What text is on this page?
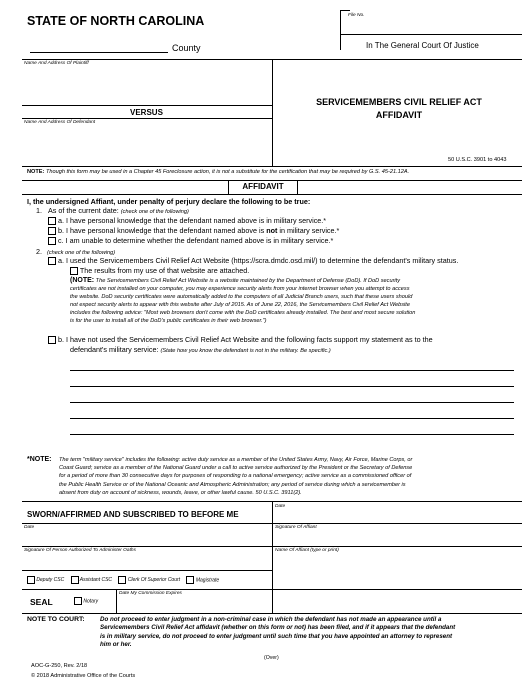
STATE OF NORTH CAROLINA
County
File No.
In The General Court Of Justice
Name And Address Of Plaintiff
VERSUS
Name And Address Of Defendant
SERVICEMEMBERS CIVIL RELIEF ACT
AFFIDAVIT
50 U.S.C. 3901 to 4043
NOTE: Though this form may be used in a Chapter 45 Foreclosure action, it is not a substitute for the certification that may be required by G.S. 45-21.12A.
AFFIDAVIT
I, the undersigned Affiant, under penalty of perjury declare the following to be true:
1. As of the current date: (check one of the following)
a. I have personal knowledge that the defendant named above is in military service.*
b. I have personal knowledge that the defendant named above is not in military service.*
c. I am unable to determine whether the defendant named above is in military service.*
2. (check one of the following)
a. I used the Servicemembers Civil Relief Act Website (https://scra.dmdc.osd.mil/) to determine the defendant's military status.
The results from my use of that website are attached.
(NOTE: The Servicemembers Civil Relief Act Website is a website maintained by the Department of Defense (DoD). If DoD security
certificates are not installed on your computer, you may experience security alerts from your internet browser when you attempt to access
the website. DoD security certificates were automatically added to the computers of all Judicial Branch users, such that these users should
not expect security alerts to appear with this website after July of 2015. As of June 22, 2016, the Servicemembers Civil Relief Act Website
includes the following advice: "Most web browsers don't come with the DoD certificates already installed. The best and most secure solution
is for the user to install all of the DoD's public certificates in their web browser.")
b. I have not used the Servicemembers Civil Relief Act Website and the following facts support my statement as to the
defendant's military service: (State how you know the defendant is not in the military. Be specific.)
*NOTE: The term "military service" includes the following: active duty service as a member of the United States Army, Navy, Air Force, Marine Corps, or
Coast Guard; service as a member of the National Guard under a call to active service authorized by the President or the Secretary of Defense
for a period of more than 30 consecutive days for purposes of responding to a national emergency; active service as a commissioned officer of
the Public Health Service or of the National Oceanic and Atmospheric Administration; any period of service during which a servicemember is
absent from duty on account of sickness, wounds, leave, or other lawful cause. 50 U.S.C. 3911(2).
SWORN/AFFIRMED AND SUBSCRIBED TO BEFORE ME
Date
Date	Signature Of Affiant
Signature Of Person Authorized To Administer Oaths	Name Of Affiant (type or print)
Deputy CSC	Assistant CSC	Clerk Of Superior Court	Magistrate
SEAL	Notary
Date My Commission Expires
NOTE TO COURT: Do not proceed to enter judgment in a non-criminal case in which the defendant has not made an appearance until a
Servicemembers Civil Relief Act affidavit (whether on this form or not) has been filed, and if it appears that the defendant
is in military service, do not proceed to enter judgment until such time that you have appointed an attorney to represent
him or her.
(Over)
AOC-G-250, Rev. 2/18
© 2018 Administrative Office of the Courts
